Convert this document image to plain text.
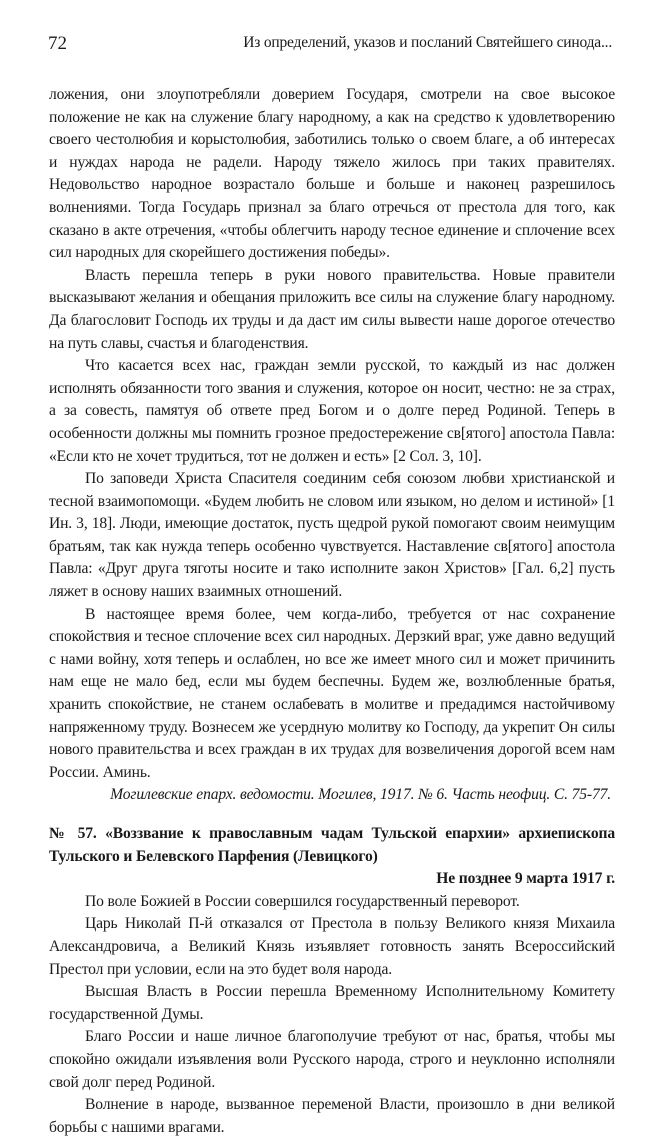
72	Из определений, указов и посланий Святейшего синода...

ложения, они злоупотребляли доверием Государя, смотрели на свое высокое положение не как на служение благу народному, а как на средство к удовлетворению своего честолюбия и корыстолюбия, заботились только о своем благе, а об интересах и нуждах народа не радели. Народу тяжело жилось при таких правителях. Недовольство народное возрастало больше и больше и наконец разрешилось волнениями. Тогда Государь признал за благо отречься от престола для того, как сказано в акте отречения, «чтобы облегчить народу тесное единение и сплочение всех сил народных для скорейшего достижения победы».

Власть перешла теперь в руки нового правительства. Новые правители высказывают желания и обещания приложить все силы на служение благу народному. Да благословит Господь их труды и да даст им силы вывести наше дорогое отечество на путь славы, счастья и благоденствия.

Что касается всех нас, граждан земли русской, то каждый из нас должен исполнять обязанности того звания и служения, которое он носит, честно: не за страх, а за совесть, памятуя об ответе пред Богом и о долге перед Родиной. Теперь в особенности должны мы помнить грозное предостережение св[ятого] апостола Павла: «Если кто не хочет трудиться, тот не должен и есть» [2 Сол. 3, 10].

По заповеди Христа Спасителя соединим себя союзом любви христианской и тесной взаимопомощи. «Будем любить не словом или языком, но делом и истиной» [1 Ин. 3, 18]. Люди, имеющие достаток, пусть щедрой рукой помогают своим неимущим братьям, так как нужда теперь особенно чувствуется. Наставление св[ятого] апостола Павла: «Друг друга тяготы носите и тако исполните закон Христов» [Гал. 6,2] пусть ляжет в основу наших взаимных отношений.

В настоящее время более, чем когда-либо, требуется от нас сохранение спокойствия и тесное сплочение всех сил народных. Дерзкий враг, уже давно ведущий с нами войну, хотя теперь и ослаблен, но все же имеет много сил и может причинить нам еще не мало бед, если мы будем беспечны. Будем же, возлюбленные братья, хранить спокойствие, не станем ослабевать в молитве и предадимся настойчивому напряженному труду. Вознесем же усердную молитву ко Господу, да укрепит Он силы нового правительства и всех граждан в их трудах для возвеличения дорогой всем нам России. Аминь.

Могилевские епарх. ведомости. Могилев, 1917. № 6. Часть неофиц. С. 75-77.

№ 57. «Воззвание к православным чадам Тульской епархии» архиепископа Тульского и Белевского Парфения (Левицкого)

Не позднее 9 марта 1917 г.

По воле Божией в России совершился государственный переворот.

Царь Николай П-й отказался от Престола в пользу Великого князя Михаила Александровича, а Великий Князь изъявляет готовность занять Всероссийский Престол при условии, если на это будет воля народа.

Высшая Власть в России перешла Временному Исполнительному Комитету государственной Думы.

Благо России и наше личное благополучие требуют от нас, братья, чтобы мы спокойно ожидали изъявления воли Русского народа, строго и неуклонно исполняли свой долг перед Родиной.

Волнение в народе, вызванное переменой Власти, произошло в дни великой борьбы с нашими врагами.
